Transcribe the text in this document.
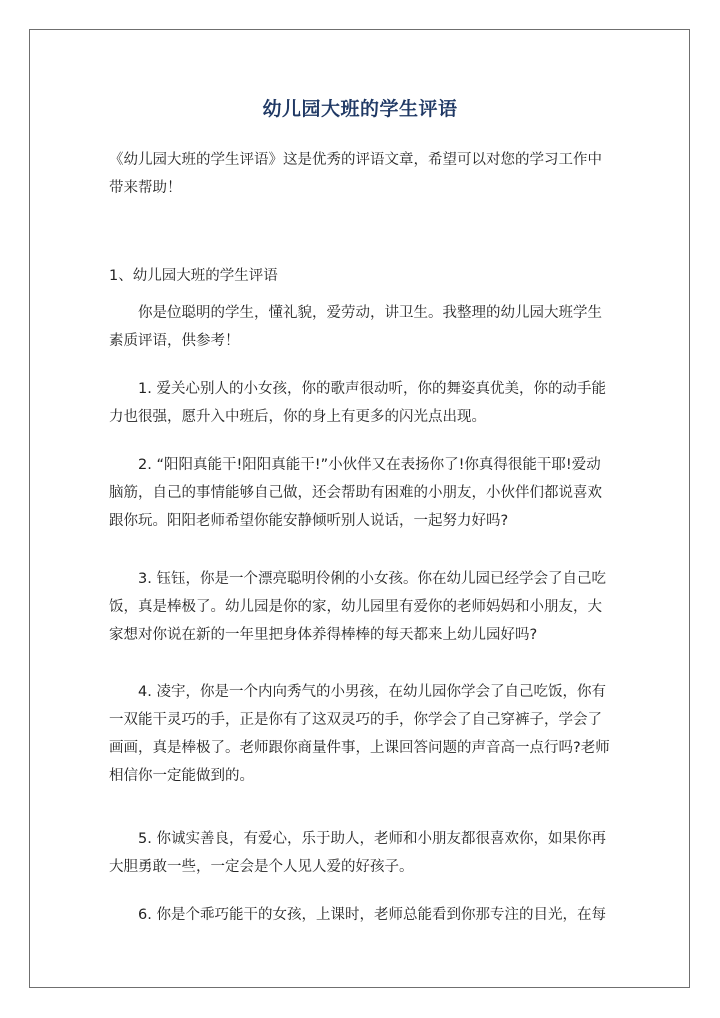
幼儿园大班的学生评语

《幼儿园大班的学生评语》这是优秀的评语文章，希望可以对您的学习工作中带来帮助！

1、幼儿园大班的学生评语

你是位聪明的学生，懂礼貌，爱劳动，讲卫生。我整理的幼儿园大班学生素质评语，供参考！

1. 爱关心别人的小女孩，你的歌声很动听，你的舞姿真优美，你的动手能力也很强，愿升入中班后，你的身上有更多的闪光点出现。

2. “阳阳真能干!阳阳真能干!”小伙伴又在表扬你了!你真得很能干耶!爱动脑筋，自己的事情能够自己做，还会帮助有困难的小朋友，小伙伴们都说喜欢跟你玩。阳阳老师希望你能安静倾听别人说话，一起努力好吗?

3. 钰钰，你是一个漂亮聪明伶俐的小女孩。你在幼儿园已经学会了自己吃饭，真是棒极了。幼儿园是你的家，幼儿园里有爱你的老师妈妈和小朋友，大家想对你说在新的一年里把身体养得棒棒的每天都来上幼儿园好吗?

4. 凌宇，你是一个内向秀气的小男孩，在幼儿园你学会了自己吃饭，你有一双能干灵巧的手，正是你有了这双灵巧的手，你学会了自己穿裤子，学会了画画，真是棒极了。老师跟你商量件事，上课回答问题的声音高一点行吗?老师相信你一定能做到的。

5. 你诚实善良，有爱心，乐于助人，老师和小朋友都很喜欢你，如果你再大胆勇敢一些，一定会是个人见人爱的好孩子。

6. 你是个乖巧能干的女孩，上课时，老师总能看到你那专注的目光，在每
